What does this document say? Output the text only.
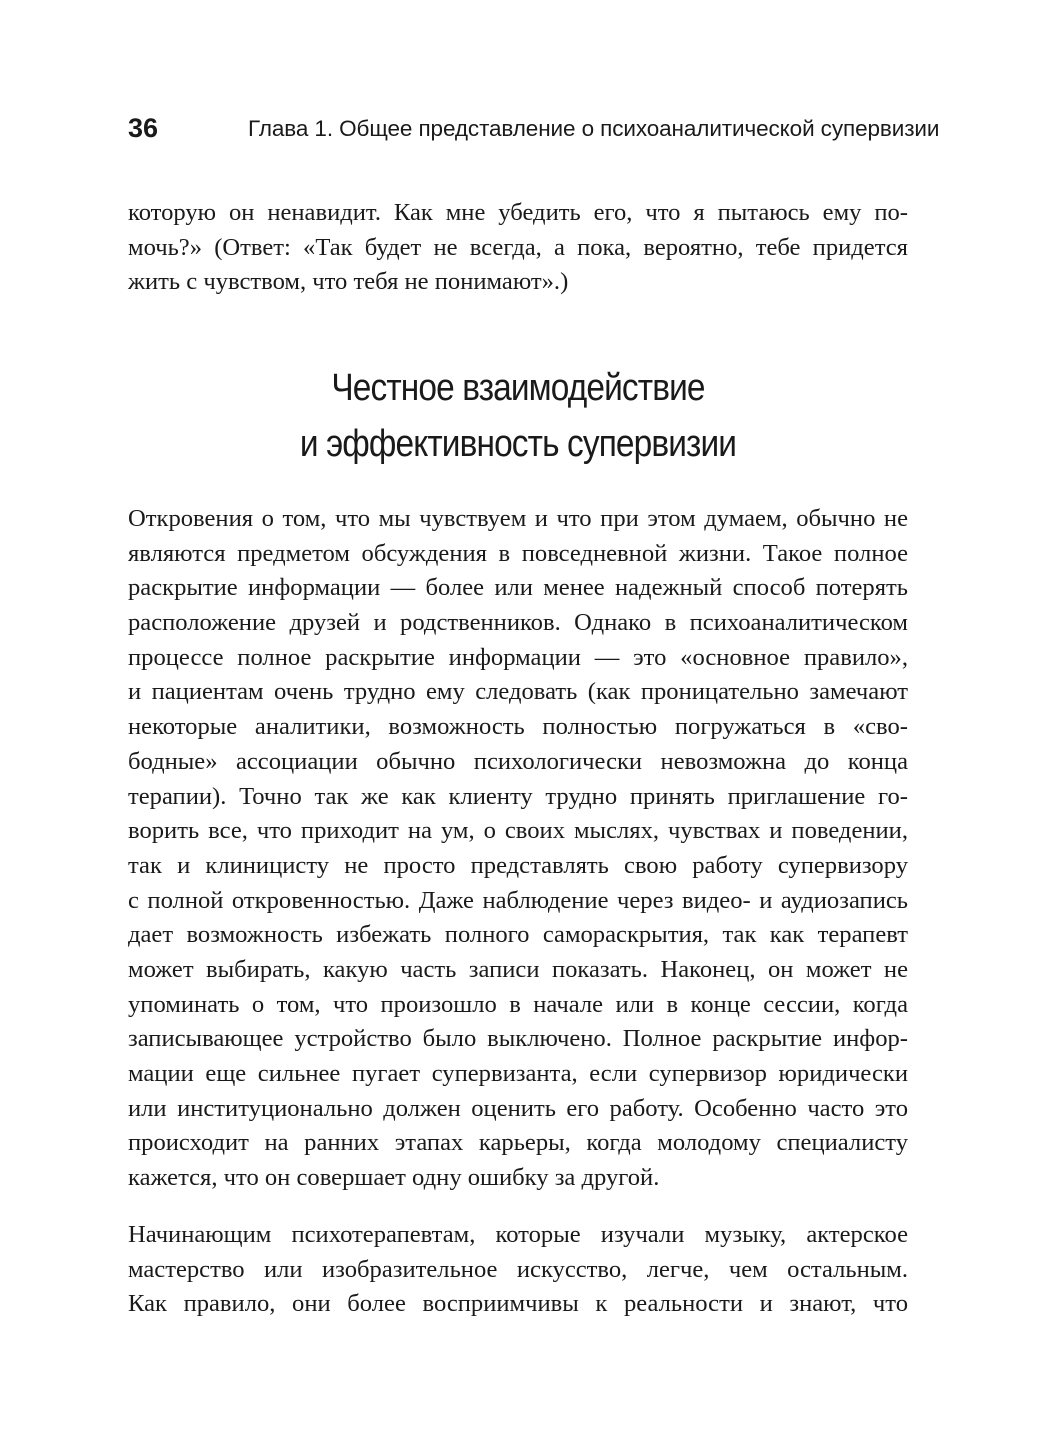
36	Глава 1. Общее представление о психоаналитической супервизии

которую он ненавидит. Как мне убедить его, что я пытаюсь ему по-
мочь?» (Ответ: «Так будет не всегда, а пока, вероятно, тебе придется
жить с чувством, что тебя не понимают».)

Честное взаимодействие
и эффективность супервизии

Откровения о том, что мы чувствуем и что при этом думаем, обычно не
являются предметом обсуждения в повседневной жизни. Такое полное
раскрытие информации — более или менее надежный способ потерять
расположение друзей и родственников. Однако в психоаналитическом
процессе полное раскрытие информации — это «основное правило»,
и пациентам очень трудно ему следовать (как проницательно замечают
некоторые аналитики, возможность полностью погружаться в «сво-
бодные» ассоциации обычно психологически невозможна до конца
терапии). Точно так же как клиенту трудно принять приглашение го-
ворить все, что приходит на ум, о своих мыслях, чувствах и поведении,
так и клиницисту не просто представлять свою работу супервизору
с полной откровенностью. Даже наблюдение через видео- и аудиозапись
дает возможность избежать полного самораскрытия, так как терапевт
может выбирать, какую часть записи показать. Наконец, он может не
упоминать о том, что произошло в начале или в конце сессии, когда
записывающее устройство было выключено. Полное раскрытие инфор-
мации еще сильнее пугает супервизанта, если супервизор юридически
или институционально должен оценить его работу. Особенно часто это
происходит на ранних этапах карьеры, когда молодому специалисту
кажется, что он совершает одну ошибку за другой.

Начинающим психотерапевтам, которые изучали музыку, актерское
мастерство или изобразительное искусство, легче, чем остальным.
Как правило, они более восприимчивы к реальности и знают, что
